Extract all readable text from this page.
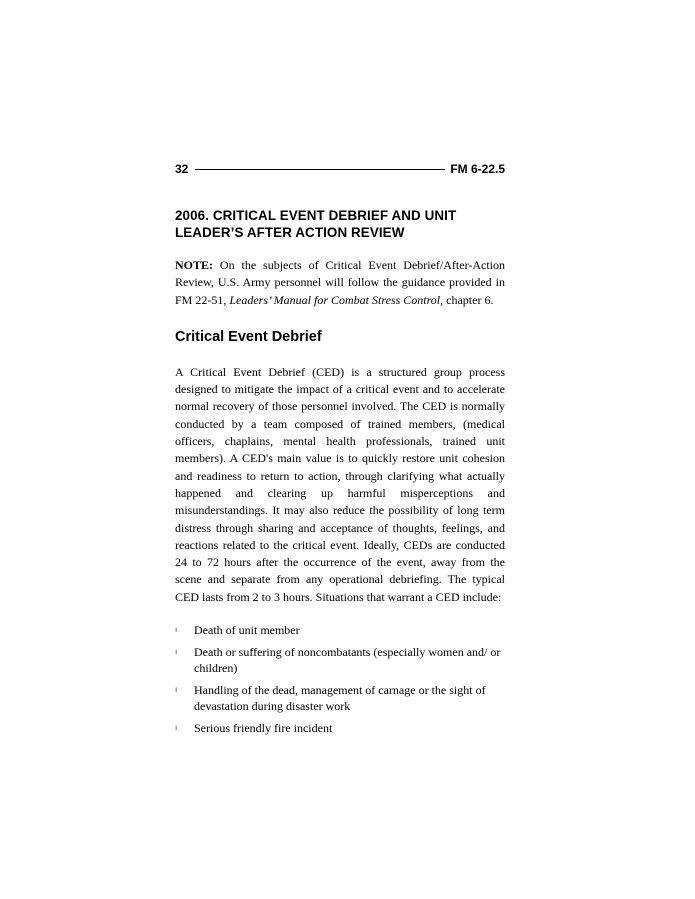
32	FM 6-22.5
2006. CRITICAL EVENT DEBRIEF AND UNIT
LEADER’S AFTER ACTION REVIEW

NOTE: On the subjects of Critical Event Debrief/After-Action Review, U.S. Army personnel will follow the guidance provided in FM 22-51, Leaders’ Manual for Combat Stress Control, chapter 6.

Critical Event Debrief

A Critical Event Debrief (CED) is a structured group process designed to mitigate the impact of a critical event and to accelerate normal recovery of those personnel involved. The CED is normally conducted by a team composed of trained members, (medical officers, chaplains, mental health professionals, trained unit members). A CED's main value is to quickly restore unit cohesion and readiness to return to action, through clarifying what actually happened and clearing up harmful misperceptions and misunderstandings. It may also reduce the possibility of long term distress through sharing and acceptance of thoughts, feelings, and reactions related to the critical event. Ideally, CEDs are conducted 24 to 72 hours after the occurrence of the event, away from the scene and separate from any operational debriefing. The typical CED lasts from 2 to 3 hours. Situations that warrant a CED include:

ı Death of unit member
ı Death or suffering of noncombatants (especially women and/ or children)
ı Handling of the dead, management of carnage or the sight of devastation during disaster work
ı Serious friendly fire incident
